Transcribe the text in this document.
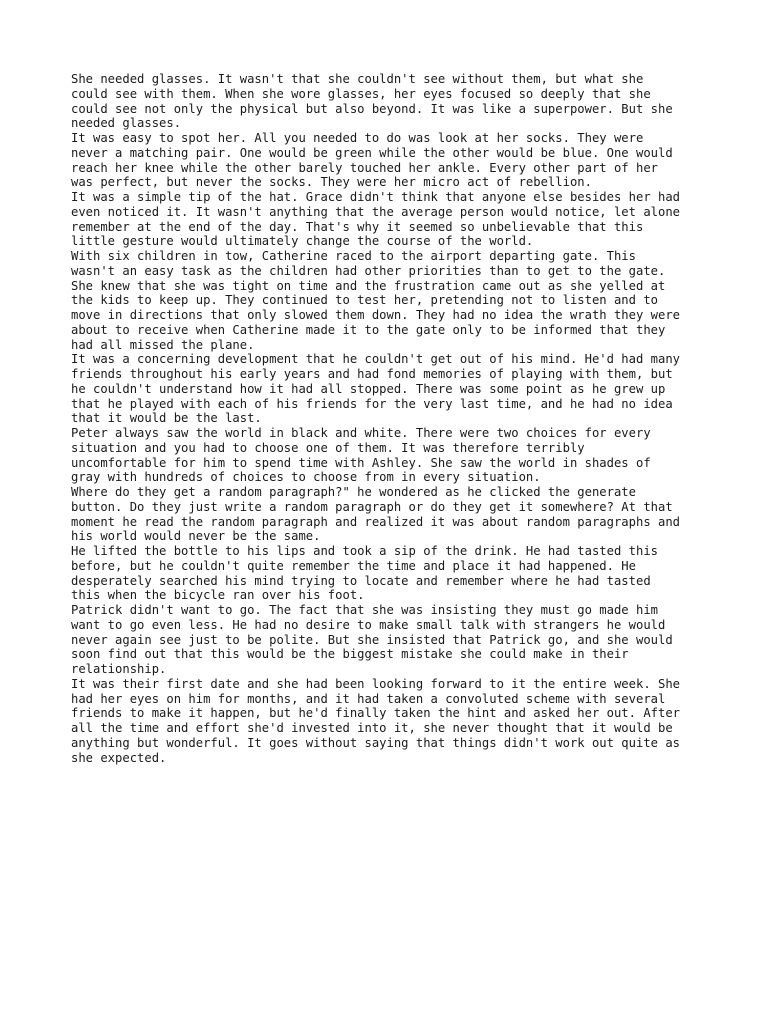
She needed glasses. It wasn't that she couldn't see without them, but what she
could see with them. When she wore glasses, her eyes focused so deeply that she
could see not only the physical but also beyond. It was like a superpower. But she
needed glasses.

It was easy to spot her. All you needed to do was look at her socks. They were
never a matching pair. One would be green while the other would be blue. One would
reach her knee while the other barely touched her ankle. Every other part of her
was perfect, but never the socks. They were her micro act of rebellion.

It was a simple tip of the hat. Grace didn't think that anyone else besides her had
even noticed it. It wasn't anything that the average person would notice, let alone
remember at the end of the day. That's why it seemed so unbelievable that this
little gesture would ultimately change the course of the world.

With six children in tow, Catherine raced to the airport departing gate. This
wasn't an easy task as the children had other priorities than to get to the gate.
She knew that she was tight on time and the frustration came out as she yelled at
the kids to keep up. They continued to test her, pretending not to listen and to
move in directions that only slowed them down. They had no idea the wrath they were
about to receive when Catherine made it to the gate only to be informed that they
had all missed the plane.

It was a concerning development that he couldn't get out of his mind. He'd had many
friends throughout his early years and had fond memories of playing with them, but
he couldn't understand how it had all stopped. There was some point as he grew up
that he played with each of his friends for the very last time, and he had no idea
that it would be the last.

Peter always saw the world in black and white. There were two choices for every
situation and you had to choose one of them. It was therefore terribly
uncomfortable for him to spend time with Ashley. She saw the world in shades of
gray with hundreds of choices to choose from in every situation.

Where do they get a random paragraph?" he wondered as he clicked the generate
button. Do they just write a random paragraph or do they get it somewhere? At that
moment he read the random paragraph and realized it was about random paragraphs and
his world would never be the same.

He lifted the bottle to his lips and took a sip of the drink. He had tasted this
before, but he couldn't quite remember the time and place it had happened. He
desperately searched his mind trying to locate and remember where he had tasted
this when the bicycle ran over his foot.

Patrick didn't want to go. The fact that she was insisting they must go made him
want to go even less. He had no desire to make small talk with strangers he would
never again see just to be polite. But she insisted that Patrick go, and she would
soon find out that this would be the biggest mistake she could make in their
relationship.

It was their first date and she had been looking forward to it the entire week. She
had her eyes on him for months, and it had taken a convoluted scheme with several
friends to make it happen, but he'd finally taken the hint and asked her out. After
all the time and effort she'd invested into it, she never thought that it would be
anything but wonderful. It goes without saying that things didn't work out quite as
she expected.
